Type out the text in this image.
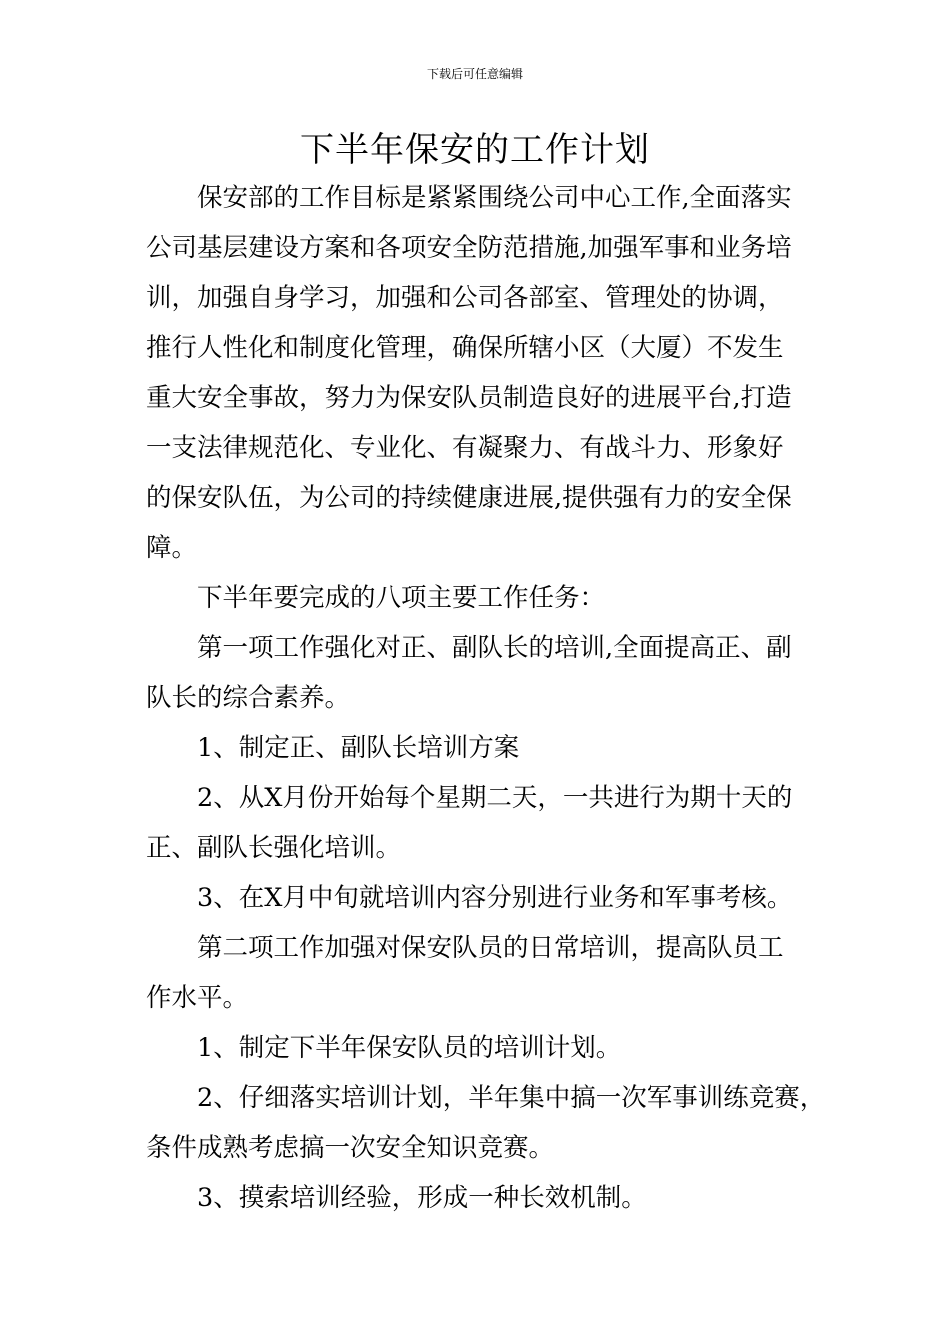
下载后可任意编辑
下半年保安的工作计划
保安部的工作目标是紧紧围绕公司中心工作,全面落实
公司基层建设方案和各项安全防范措施,加强军事和业务培
训，加强自身学习，加强和公司各部室、管理处的协调，
推行人性化和制度化管理，确保所辖小区（大厦）不发生
重大安全事故，努力为保安队员制造良好的进展平台,打造
一支法律规范化、专业化、有凝聚力、有战斗力、形象好
的保安队伍，为公司的持续健康进展,提供强有力的安全保
障。
下半年要完成的八项主要工作任务：
第一项工作强化对正、副队长的培训,全面提高正、副
队长的综合素养。
1、制定正、副队长培训方案
2、从X月份开始每个星期二天，一共进行为期十天的
正、副队长强化培训。
3、在X月中旬就培训内容分别进行业务和军事考核。
第二项工作加强对保安队员的日常培训，提高队员工
作水平。
1、制定下半年保安队员的培训计划。
2、仔细落实培训计划，半年集中搞一次军事训练竞赛，
条件成熟考虑搞一次安全知识竞赛。
3、摸索培训经验，形成一种长效机制。
